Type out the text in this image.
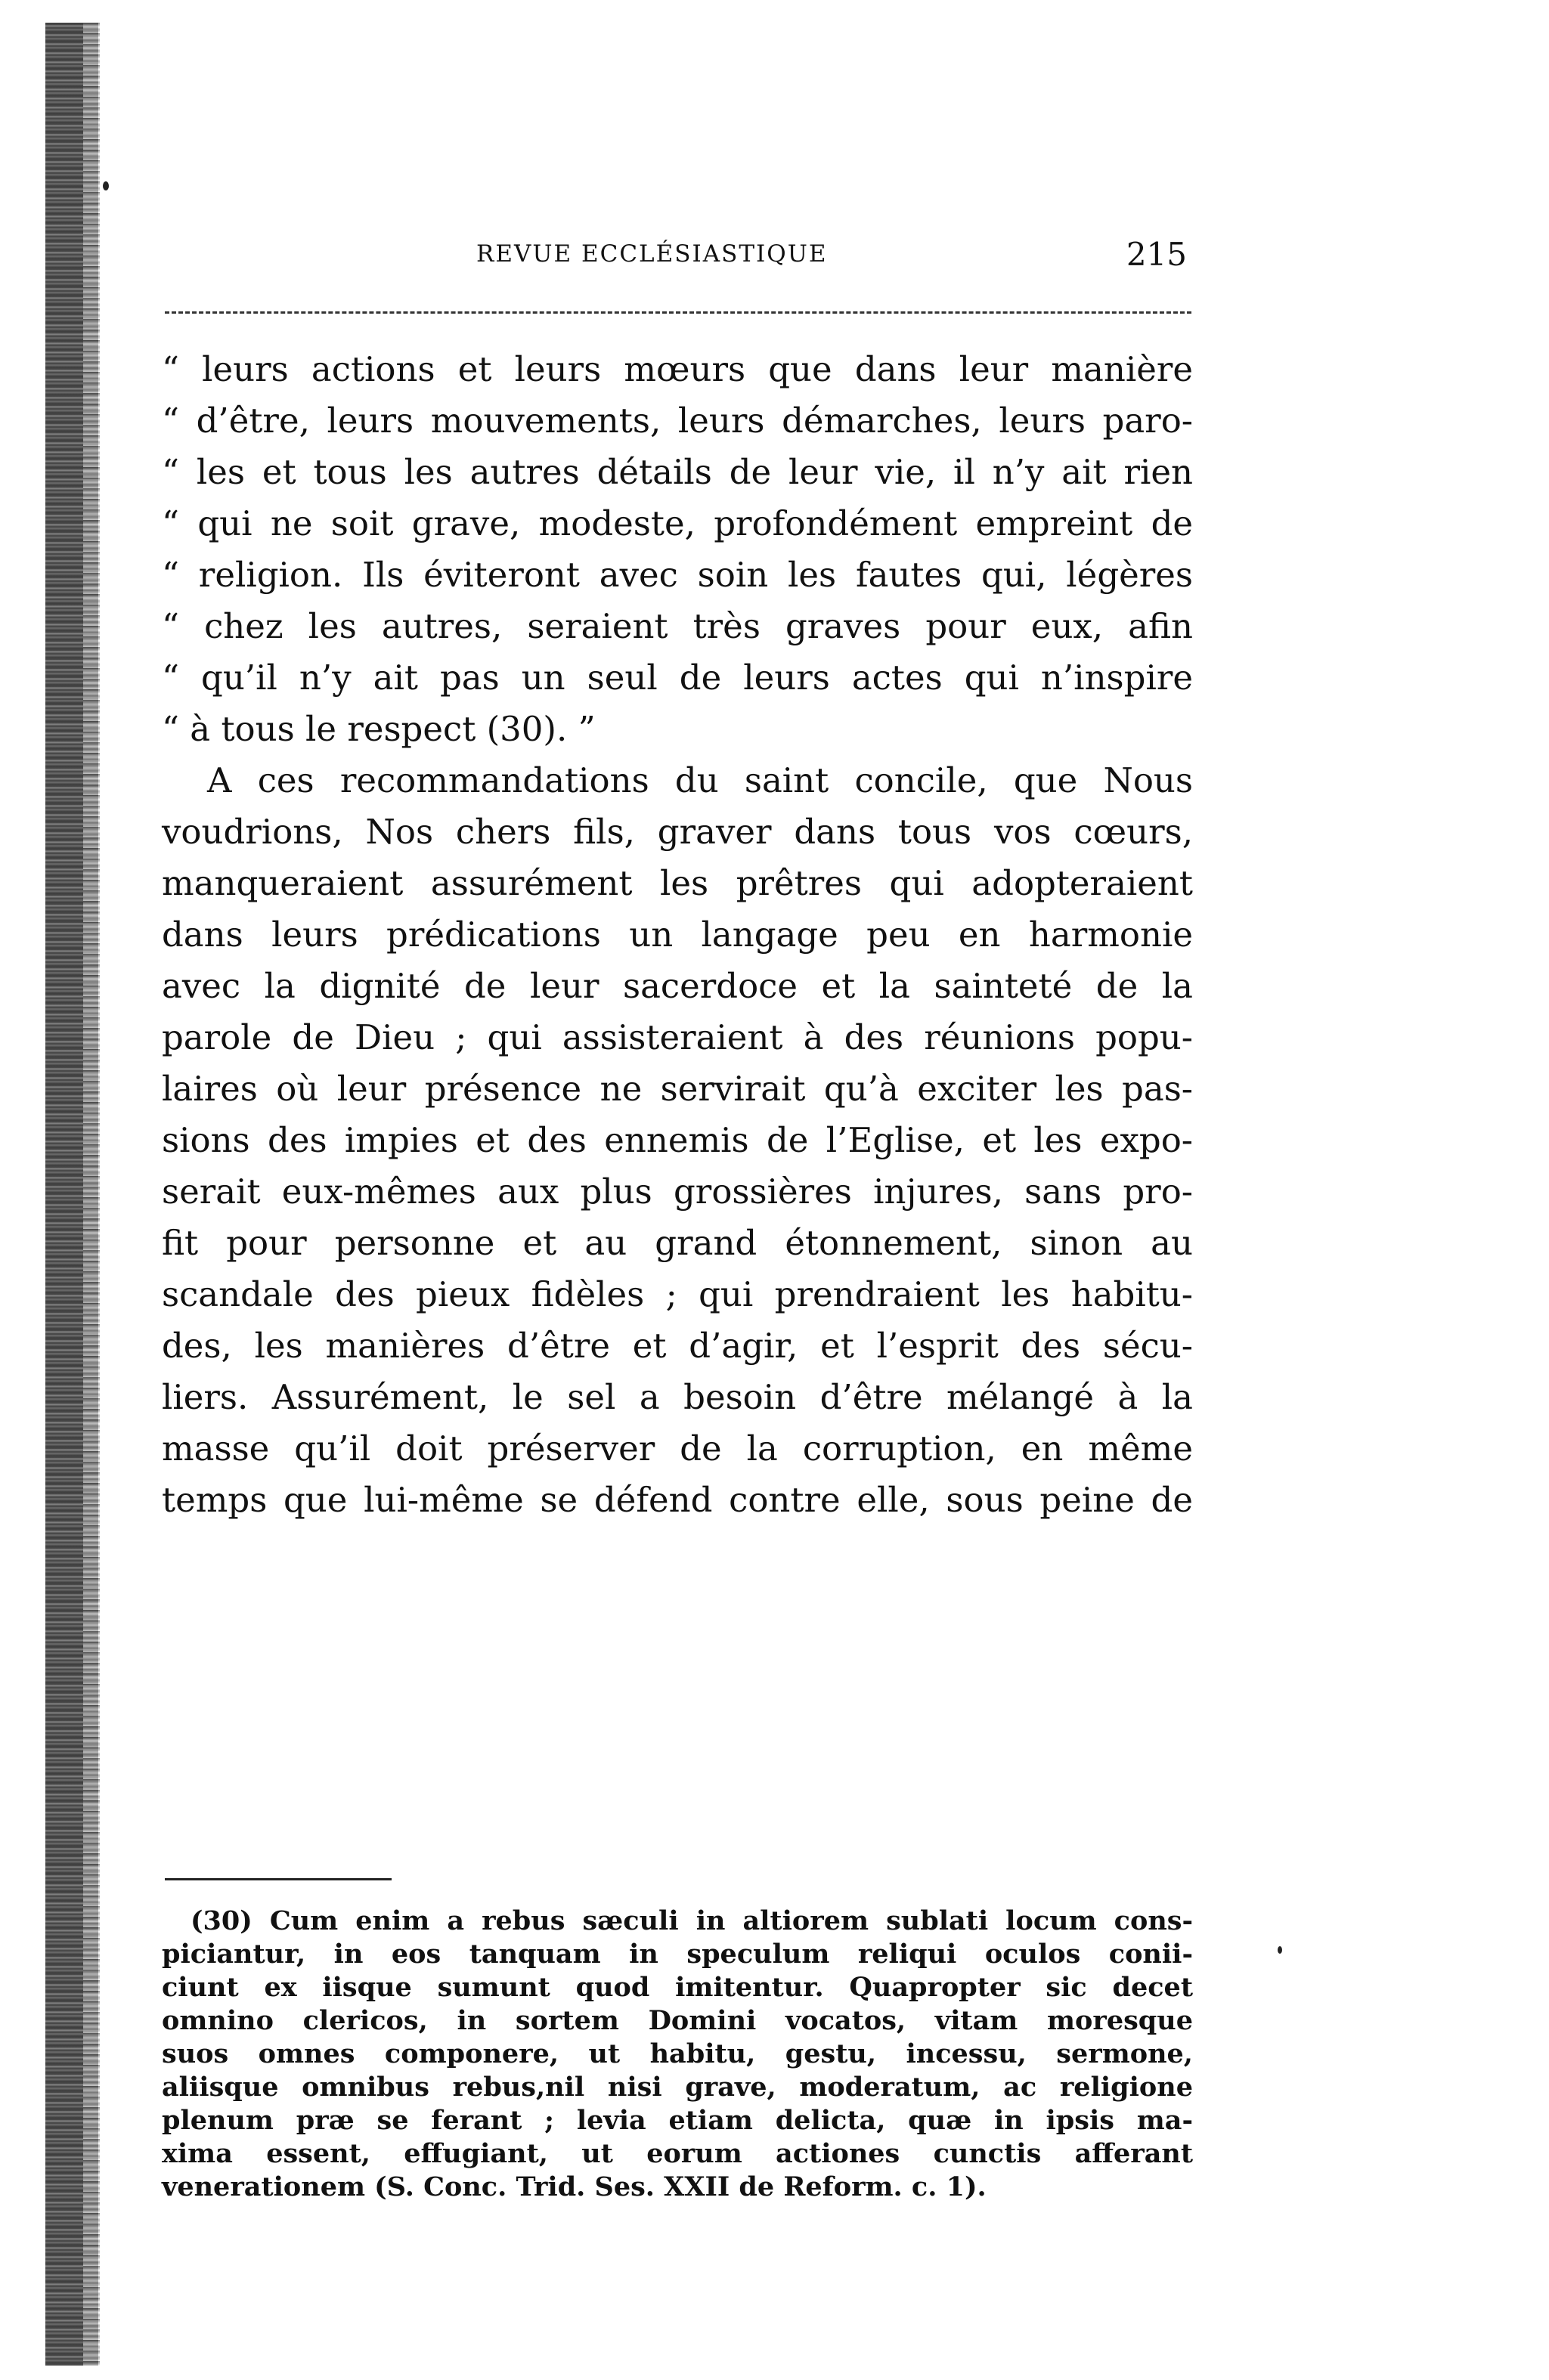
REVUE ECCLÉSIASTIQUE	215
“ leurs actions et leurs mœurs que dans leur manière
“ d’être, leurs mouvements, leurs démarches, leurs paro-
“ les et tous les autres détails de leur vie, il n’y ait rien
“ qui ne soit grave, modeste, profondément empreint de
“ religion. Ils éviteront avec soin les fautes qui, légères
“ chez les autres, seraient très graves pour eux, afin
“ qu’il n’y ait pas un seul de leurs actes qui n’inspire
“ à tous le respect (30). ”
A ces recommandations du saint concile, que Nous
voudrions, Nos chers fils, graver dans tous vos cœurs,
manqueraient assurément les prêtres qui adopteraient
dans leurs prédications un langage peu en harmonie
avec la dignité de leur sacerdoce et la sainteté de la
parole de Dieu ; qui assisteraient à des réunions popu-
laires où leur présence ne servirait qu’à exciter les pas-
sions des impies et des ennemis de l’Eglise, et les expo-
serait eux-mêmes aux plus grossières injures, sans pro-
fit pour personne et au grand étonnement, sinon au
scandale des pieux fidèles ; qui prendraient les habitu-
des, les manières d’être et d’agir, et l’esprit des sécu-
liers. Assurément, le sel a besoin d’être mélangé à la
masse qu’il doit préserver de la corruption, en même
temps que lui-même se défend contre elle, sous peine de
(30) Cum enim a rebus sæculi in altiorem sublati locum cons-
piciantur, in eos tanquam in speculum reliqui oculos conii-
ciunt ex iisque sumunt quod imitentur. Quapropter sic decet
omnino clericos, in sortem Domini vocatos, vitam moresque
suos omnes componere, ut habitu, gestu, incessu, sermone,
aliisque omnibus rebus,nil nisi grave, moderatum, ac religione
plenum præ se ferant ; levia etiam delicta, quæ in ipsis ma-
xima essent, effugiant, ut eorum actiones cunctis afferant
venerationem (S. Conc. Trid. Ses. XXII de Reform. c. 1).
